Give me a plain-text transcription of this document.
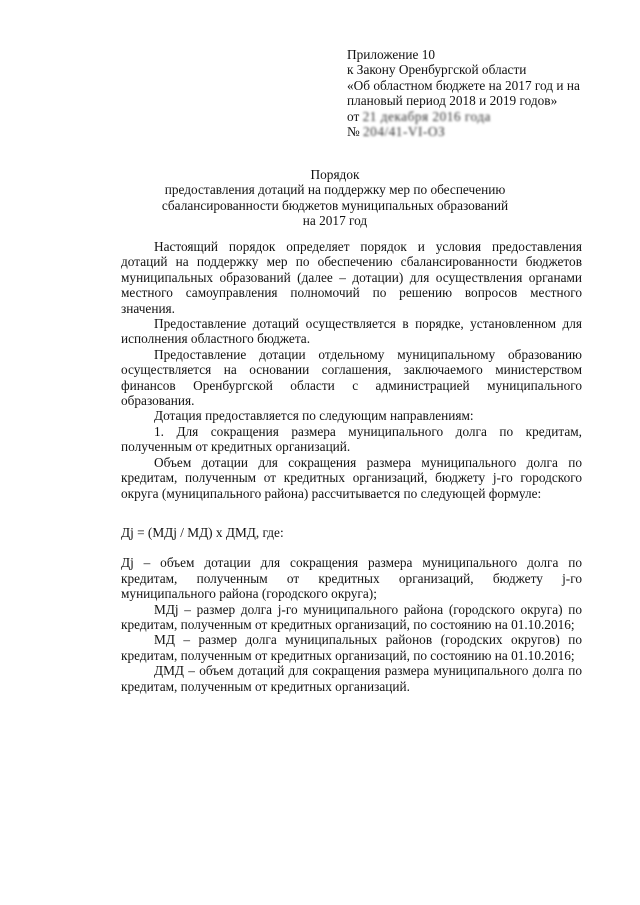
Приложение 10
к Закону Оренбургской области
«Об областном бюджете на 2017 год и на
плановый период 2018 и 2019 годов»
от 21 декабря 2016 года
№ 204/41-VI-ОЗ
Порядок
предоставления дотаций на поддержку мер по обеспечению
сбалансированности бюджетов муниципальных образований
на 2017 год

Настоящий порядок определяет порядок и условия предоставления дотаций на поддержку мер по обеспечению сбалансированности бюджетов муниципальных образований (далее – дотации) для осуществления органами местного самоуправления полномочий по решению вопросов местного значения.

Предоставление дотаций осуществляется в порядке, установленном для исполнения областного бюджета.

Предоставление дотации отдельному муниципальному образованию осуществляется на основании соглашения, заключаемого министерством финансов Оренбургской области с администрацией муниципального образования.

Дотация предоставляется по следующим направлениям:

1. Для сокращения размера муниципального долга по кредитам, полученным от кредитных организаций.

Объем дотации для сокращения размера муниципального долга по кредитам, полученным от кредитных организаций, бюджету j-го городского округа (муниципального района) рассчитывается по следующей формуле:

Дj = (МДj / МД) х ДМД, где:

Дj – объем дотации для сокращения размера муниципального долга по кредитам, полученным от кредитных организаций, бюджету j-го муниципального района (городского округа);

МДj – размер долга j-го муниципального района (городского округа) по кредитам, полученным от кредитных организаций, по состоянию на 01.10.2016;

МД – размер долга муниципальных районов (городских округов) по кредитам, полученным от кредитных организаций, по состоянию на 01.10.2016;

ДМД – объем дотаций для сокращения размера муниципального долга по кредитам, полученным от кредитных организаций.
